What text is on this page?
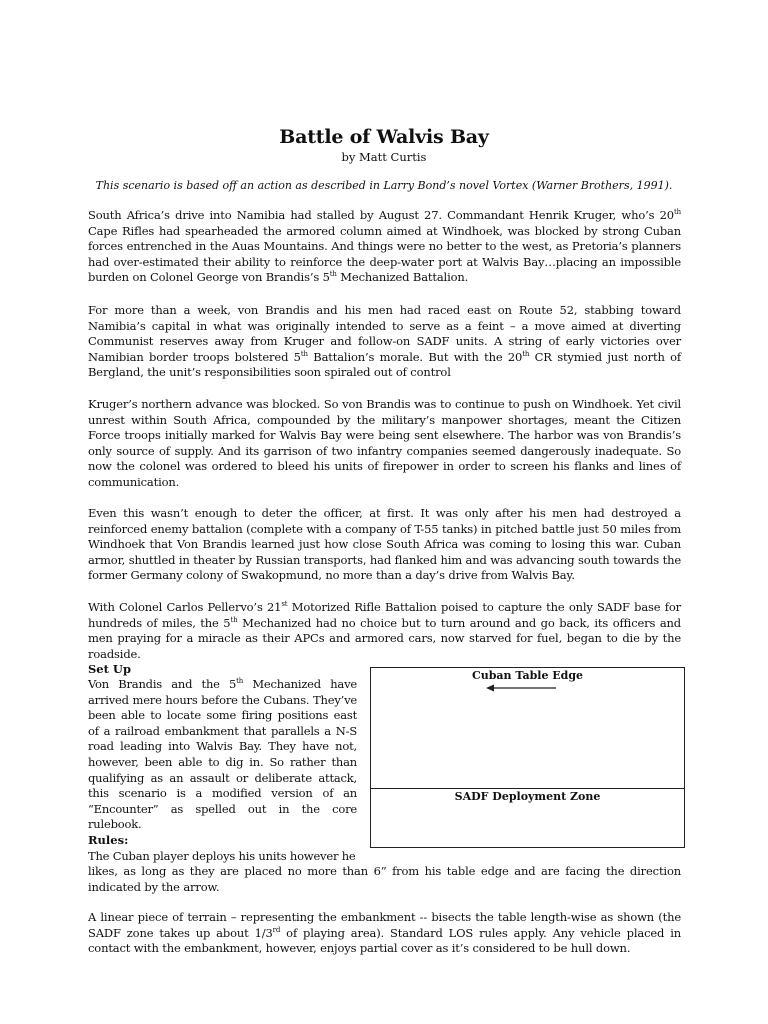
Battle of Walvis Bay
by Matt Curtis
This scenario is based off an action as described in Larry Bond’s novel Vortex (Warner Brothers, 1991).

South Africa’s drive into Namibia had stalled by August 27. Commandant Henrik Kruger, who’s 20th Cape Rifles had spearheaded the armored column aimed at Windhoek, was blocked by strong Cuban forces entrenched in the Auas Mountains. And things were no better to the west, as Pretoria’s planners had over-estimated their ability to reinforce the deep-water port at Walvis Bay…placing an impossible burden on Colonel George von Brandis’s 5th Mechanized Battalion.

For more than a week, von Brandis and his men had raced east on Route 52, stabbing toward Namibia’s capital in what was originally intended to serve as a feint – a move aimed at diverting Communist reserves away from Kruger and follow-on SADF units. A string of early victories over Namibian border troops bolstered 5th Battalion’s morale. But with the 20th CR stymied just north of Bergland, the unit’s responsibilities soon spiraled out of control

Kruger’s northern advance was blocked. So von Brandis was to continue to push on Windhoek. Yet civil unrest within South Africa, compounded by the military’s manpower shortages, meant the Citizen Force troops initially marked for Walvis Bay were being sent elsewhere. The harbor was von Brandis’s only source of supply. And its garrison of two infantry companies seemed dangerously inadequate. So now the colonel was ordered to bleed his units of firepower in order to screen his flanks and lines of communication.

Even this wasn’t enough to deter the officer, at first. It was only after his men had destroyed a reinforced enemy battalion (complete with a company of T-55 tanks) in pitched battle just 50 miles from Windhoek that Von Brandis learned just how close South Africa was coming to losing this war. Cuban armor, shuttled in theater by Russian transports, had flanked him and was advancing south towards the former Germany colony of Swakopmund, no more than a day’s drive from Walvis Bay.

With Colonel Carlos Pellervo’s 21st Motorized Rifle Battalion poised to capture the only SADF base for hundreds of miles, the 5th Mechanized had no choice but to turn around and go back, its officers and men praying for a miracle as their APCs and armored cars, now starved for fuel, began to die by the roadside.

Set Up

Von Brandis and the 5th Mechanized have arrived mere hours before the Cubans. They’ve been able to locate some firing positions east of a railroad embankment that parallels a N-S road leading into Walvis Bay. They have not, however, been able to dig in. So rather than qualifying as an assault or deliberate attack, this scenario is a modified version of an “Encounter” as spelled out in the core rulebook.

Rules:

The Cuban player deploys his units however he

likes, as long as they are placed no more than 6” from his table edge and are facing the direction indicated by the arrow.

A linear piece of terrain – representing the embankment -- bisects the table length-wise as shown (the SADF zone takes up about 1/3rd of playing area). Standard LOS rules apply. Any vehicle placed in contact with the embankment, however, enjoys partial cover as it’s considered to be hull down.

Cuban Table Edge
SADF Deployment Zone
